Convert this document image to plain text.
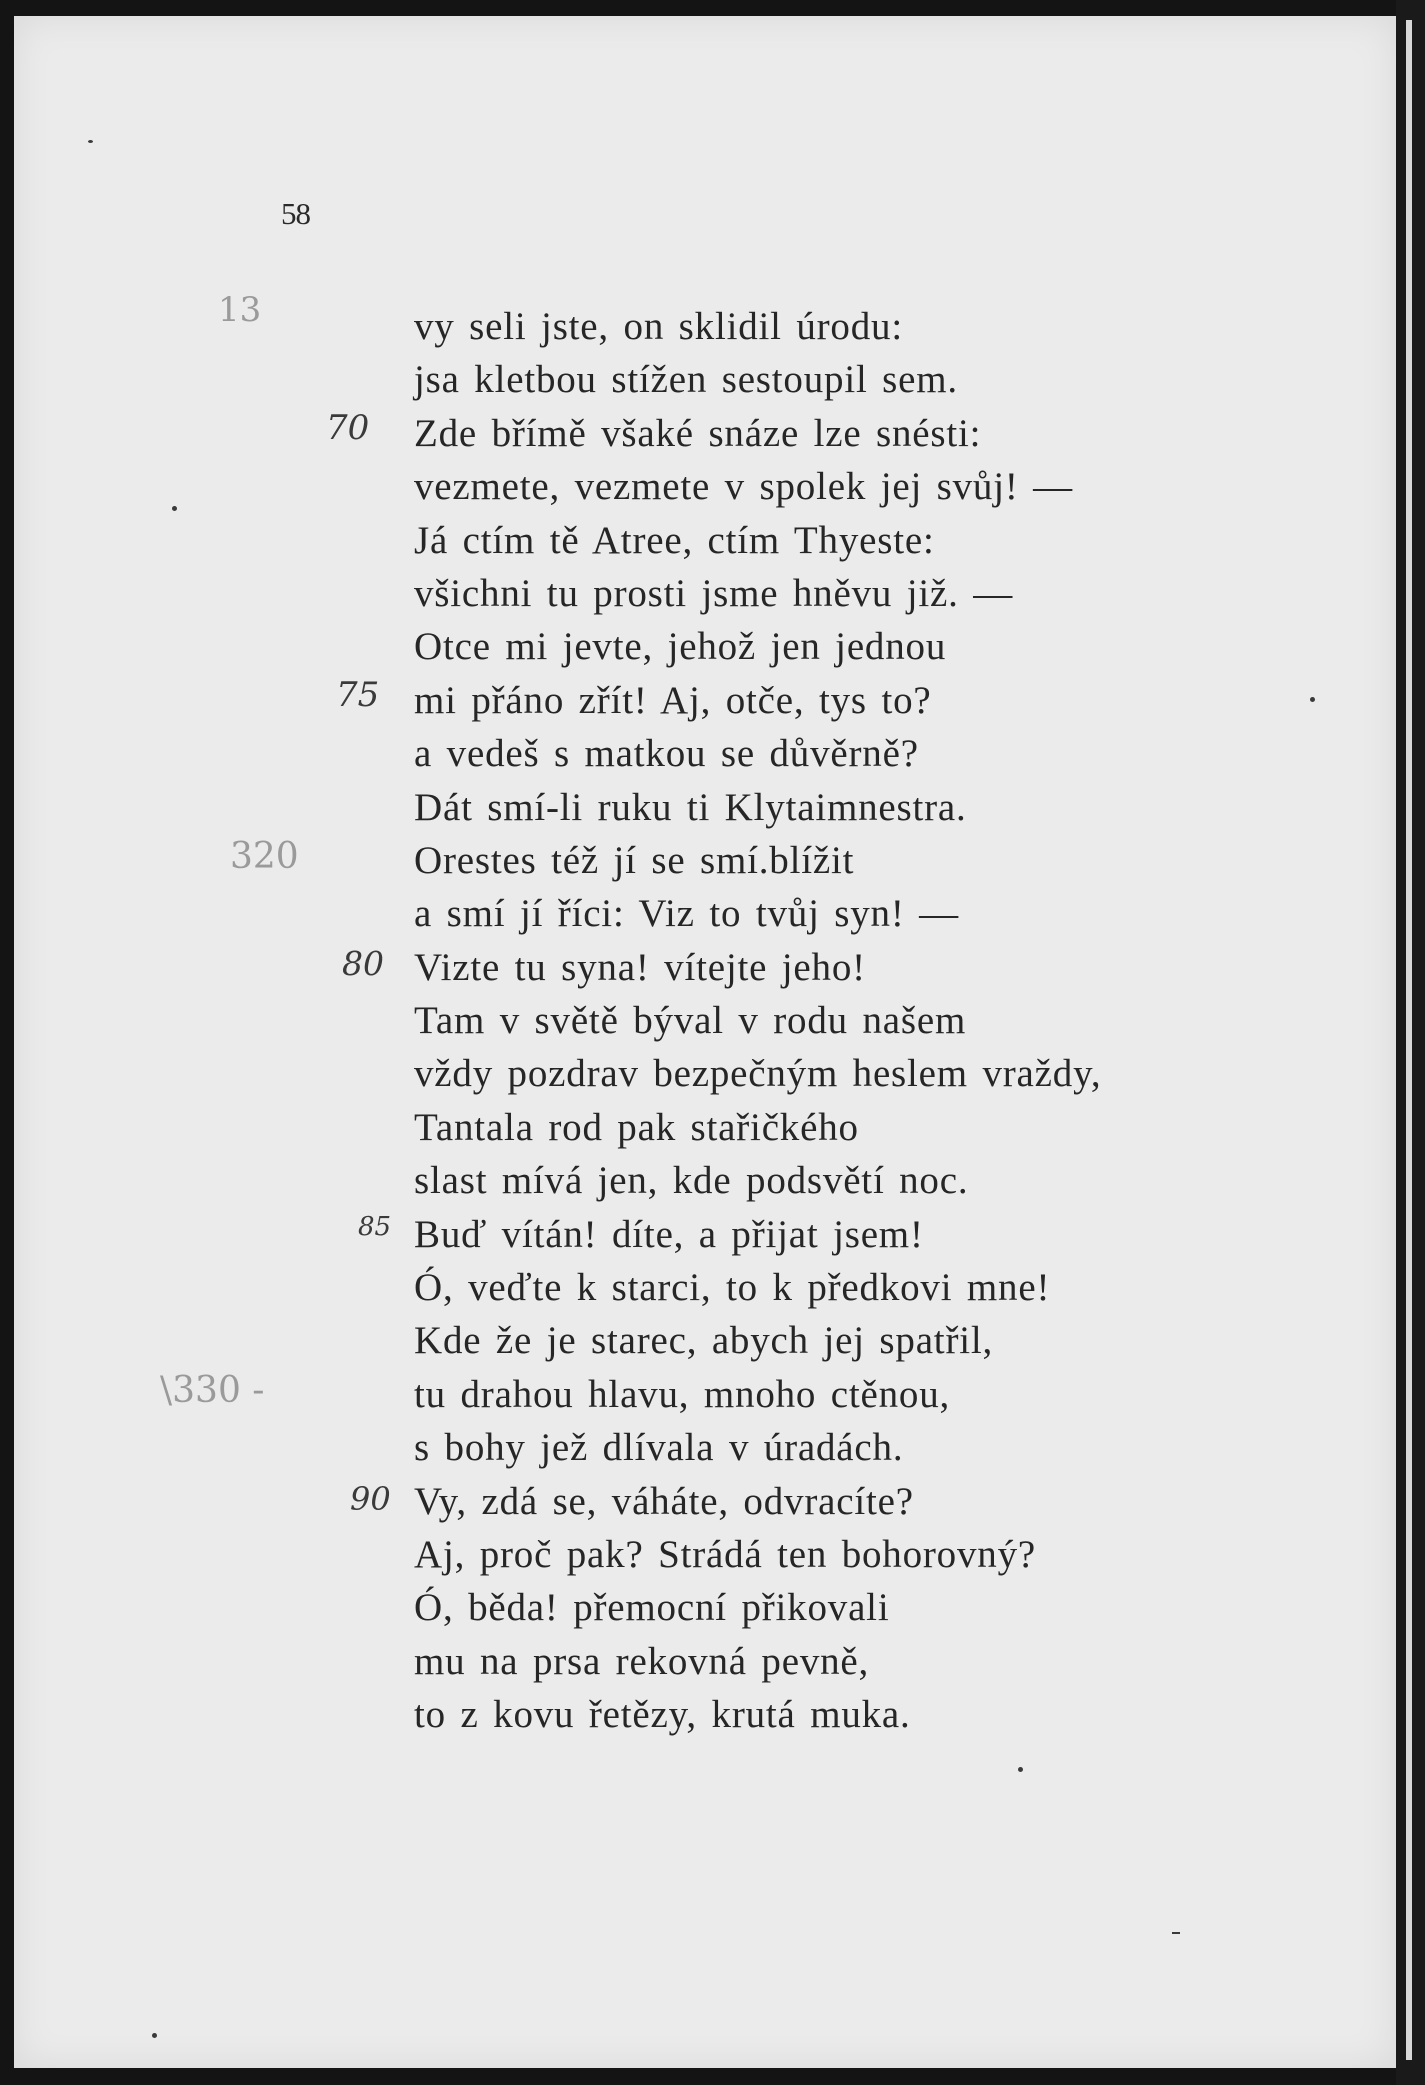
58
13
70
75
320
80
85
\330 -
90
vy seli jste, on sklidil úrodu:
jsa kletbou stížen sestoupil sem.
Zde břímě všaké snáze lze snésti:
vezmete, vezmete v spolek jej svůj! —
Já ctím tě Atree, ctím Thyeste:
všichni tu prosti jsme hněvu již. —
Otce mi jevte, jehož jen jednou
mi přáno zřít! Aj, otče, tys to?
a vedeš s matkou se důvěrně?
Dát smí-li ruku ti Klytaimnestra.
Orestes též jí se smí.blížit
a smí jí říci: Viz to tvůj syn! —
Vizte tu syna! vítejte jeho!
Tam v světě býval v rodu našem
vždy pozdrav bezpečným heslem vraždy,
Tantala rod pak stařičkého
slast mívá jen, kde podsvětí noc.
Buď vítán! díte, a přijat jsem!
Ó, veďte k starci, to k předkovi mne!
Kde že je starec, abych jej spatřil,
tu drahou hlavu, mnoho ctěnou,
s bohy jež dlívala v úradách.
Vy, zdá se, váháte, odvracíte?
Aj, proč pak? Strádá ten bohorovný?
Ó, běda! přemocní přikovali
mu na prsa rekovná pevně,
to z kovu řetězy, krutá muka.
